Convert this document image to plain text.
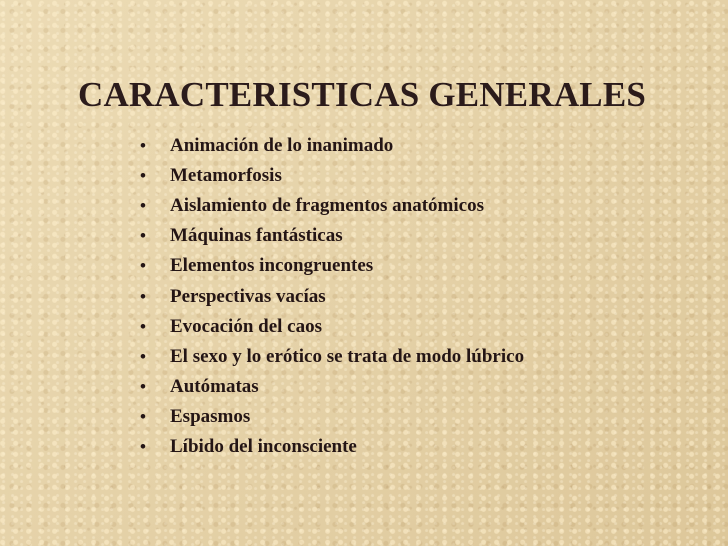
CARACTERISTICAS GENERALES
• Animación de lo inanimado
• Metamorfosis
• Aislamiento de fragmentos anatómicos
• Máquinas fantásticas
• Elementos incongruentes
• Perspectivas vacías
• Evocación del caos
• El sexo y lo erótico se trata de modo lúbrico
• Autómatas
• Espasmos
• Líbido del inconsciente
